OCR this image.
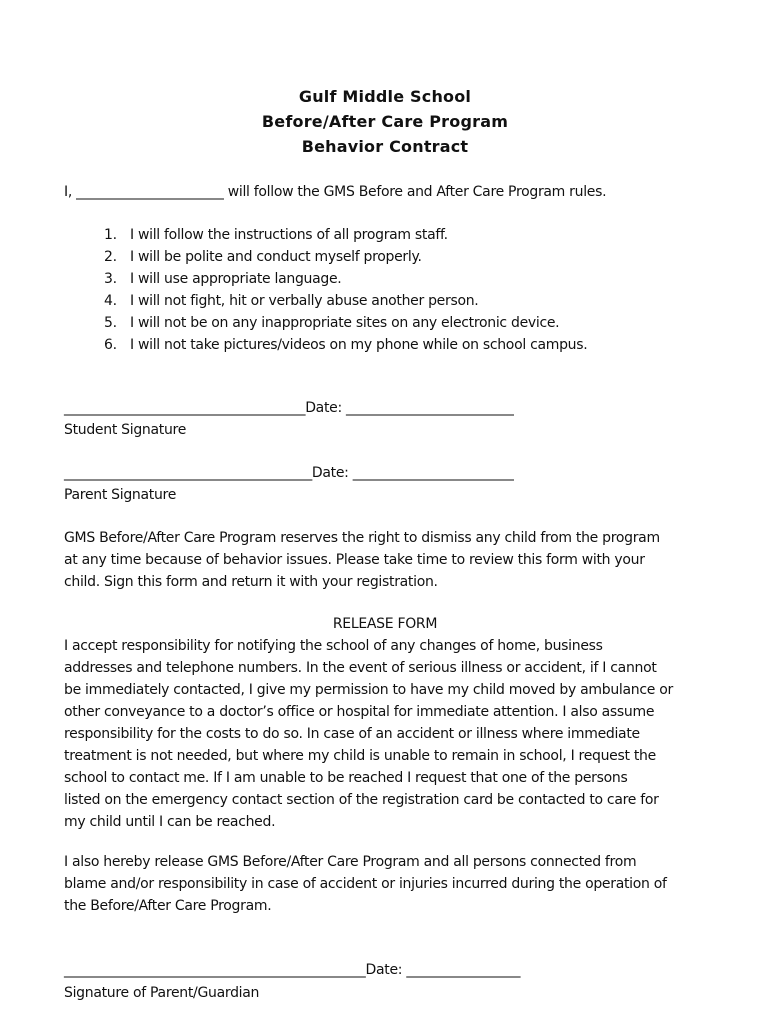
Gulf Middle School
Before/After Care Program
Behavior Contract
I, ______________________ will follow the GMS Before and After Care Program rules.
1. I will follow the instructions of all program staff.
2. I will be polite and conduct myself properly.
3. I will use appropriate language.
4. I will not fight, hit or verbally abuse another person.
5. I will not be on any inappropriate sites on any electronic device.
6. I will not take pictures/videos on my phone while on school campus.
____________________________________Date: _________________________
Student Signature
_____________________________________Date: ________________________
Parent Signature
GMS Before/After Care Program reserves the right to dismiss any child from the program
at any time because of behavior issues. Please take time to review this form with your
child. Sign this form and return it with your registration.
RELEASE FORM
I accept responsibility for notifying the school of any changes of home, business
addresses and telephone numbers. In the event of serious illness or accident, if I cannot
be immediately contacted, I give my permission to have my child moved by ambulance or
other conveyance to a doctor’s office or hospital for immediate attention. I also assume
responsibility for the costs to do so. In case of an accident or illness where immediate
treatment is not needed, but where my child is unable to remain in school, I request the
school to contact me. If I am unable to be reached I request that one of the persons
listed on the emergency contact section of the registration card be contacted to care for
my child until I can be reached.
I also hereby release GMS Before/After Care Program and all persons connected from
blame and/or responsibility in case of accident or injuries incurred during the operation of
the Before/After Care Program.
_____________________________________________Date: _________________
Signature of Parent/Guardian
